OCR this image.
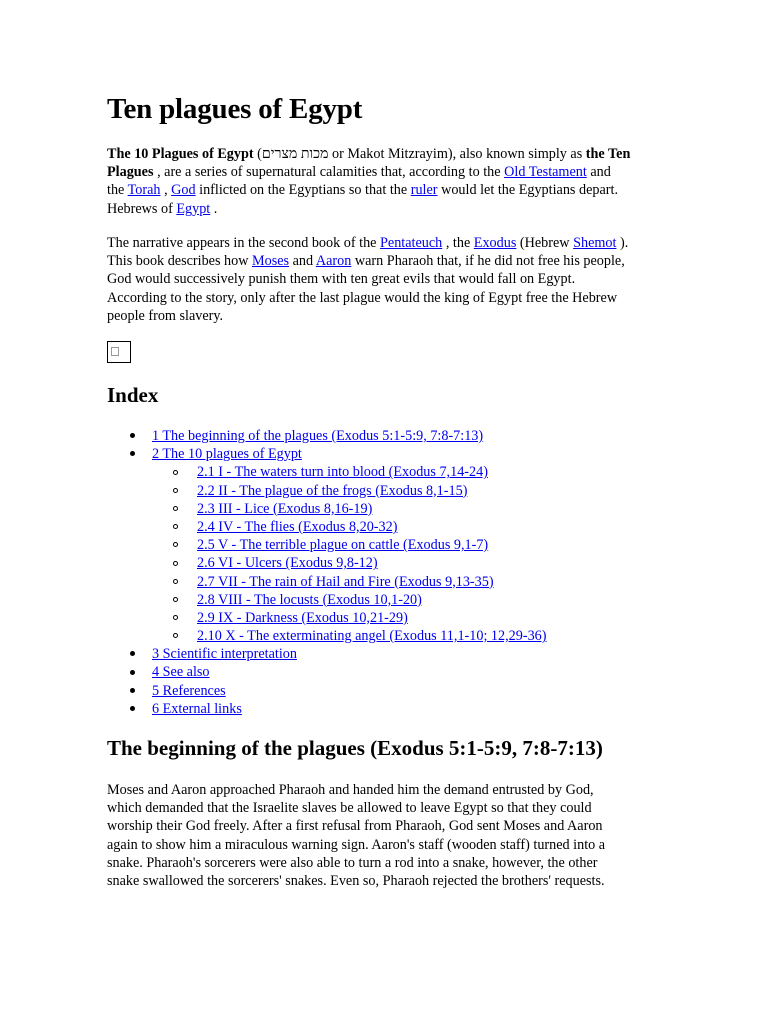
Ten plagues of Egypt
The 10 Plagues of Egypt (מכות מצרים or Makot Mitzrayim), also known simply as the Ten
Plagues , are a series of supernatural calamities that, according to the Old Testament and
the Torah , God inflicted on the Egyptians so that the ruler would let the Egyptians depart.
Hebrews of Egypt .
The narrative appears in the second book of the Pentateuch , the Exodus (Hebrew Shemot ).
This book describes how Moses and Aaron warn Pharaoh that, if he did not free his people,
God would successively punish them with ten great evils that would fall on Egypt.
According to the story, only after the last plague would the king of Egypt free the Hebrew
people from slavery.
Index
1 The beginning of the plagues (Exodus 5:1-5:9, 7:8-7:13)
2 The 10 plagues of Egypt
2.1 I - The waters turn into blood (Exodus 7,14-24)
2.2 II - The plague of the frogs (Exodus 8,1-15)
2.3 III - Lice (Exodus 8,16-19)
2.4 IV - The flies (Exodus 8,20-32)
2.5 V - The terrible plague on cattle (Exodus 9,1-7)
2.6 VI - Ulcers (Exodus 9,8-12)
2.7 VII - The rain of Hail and Fire (Exodus 9,13-35)
2.8 VIII - The locusts (Exodus 10,1-20)
2.9 IX - Darkness (Exodus 10,21-29)
2.10 X - The exterminating angel (Exodus 11,1-10; 12,29-36)
3 Scientific interpretation
4 See also
5 References
6 External links
The beginning of the plagues (Exodus 5:1-5:9, 7:8-7:13)
Moses and Aaron approached Pharaoh and handed him the demand entrusted by God,
which demanded that the Israelite slaves be allowed to leave Egypt so that they could
worship their God freely. After a first refusal from Pharaoh, God sent Moses and Aaron
again to show him a miraculous warning sign. Aaron's staff (wooden staff) turned into a
snake. Pharaoh's sorcerers were also able to turn a rod into a snake, however, the other
snake swallowed the sorcerers' snakes. Even so, Pharaoh rejected the brothers' requests.
